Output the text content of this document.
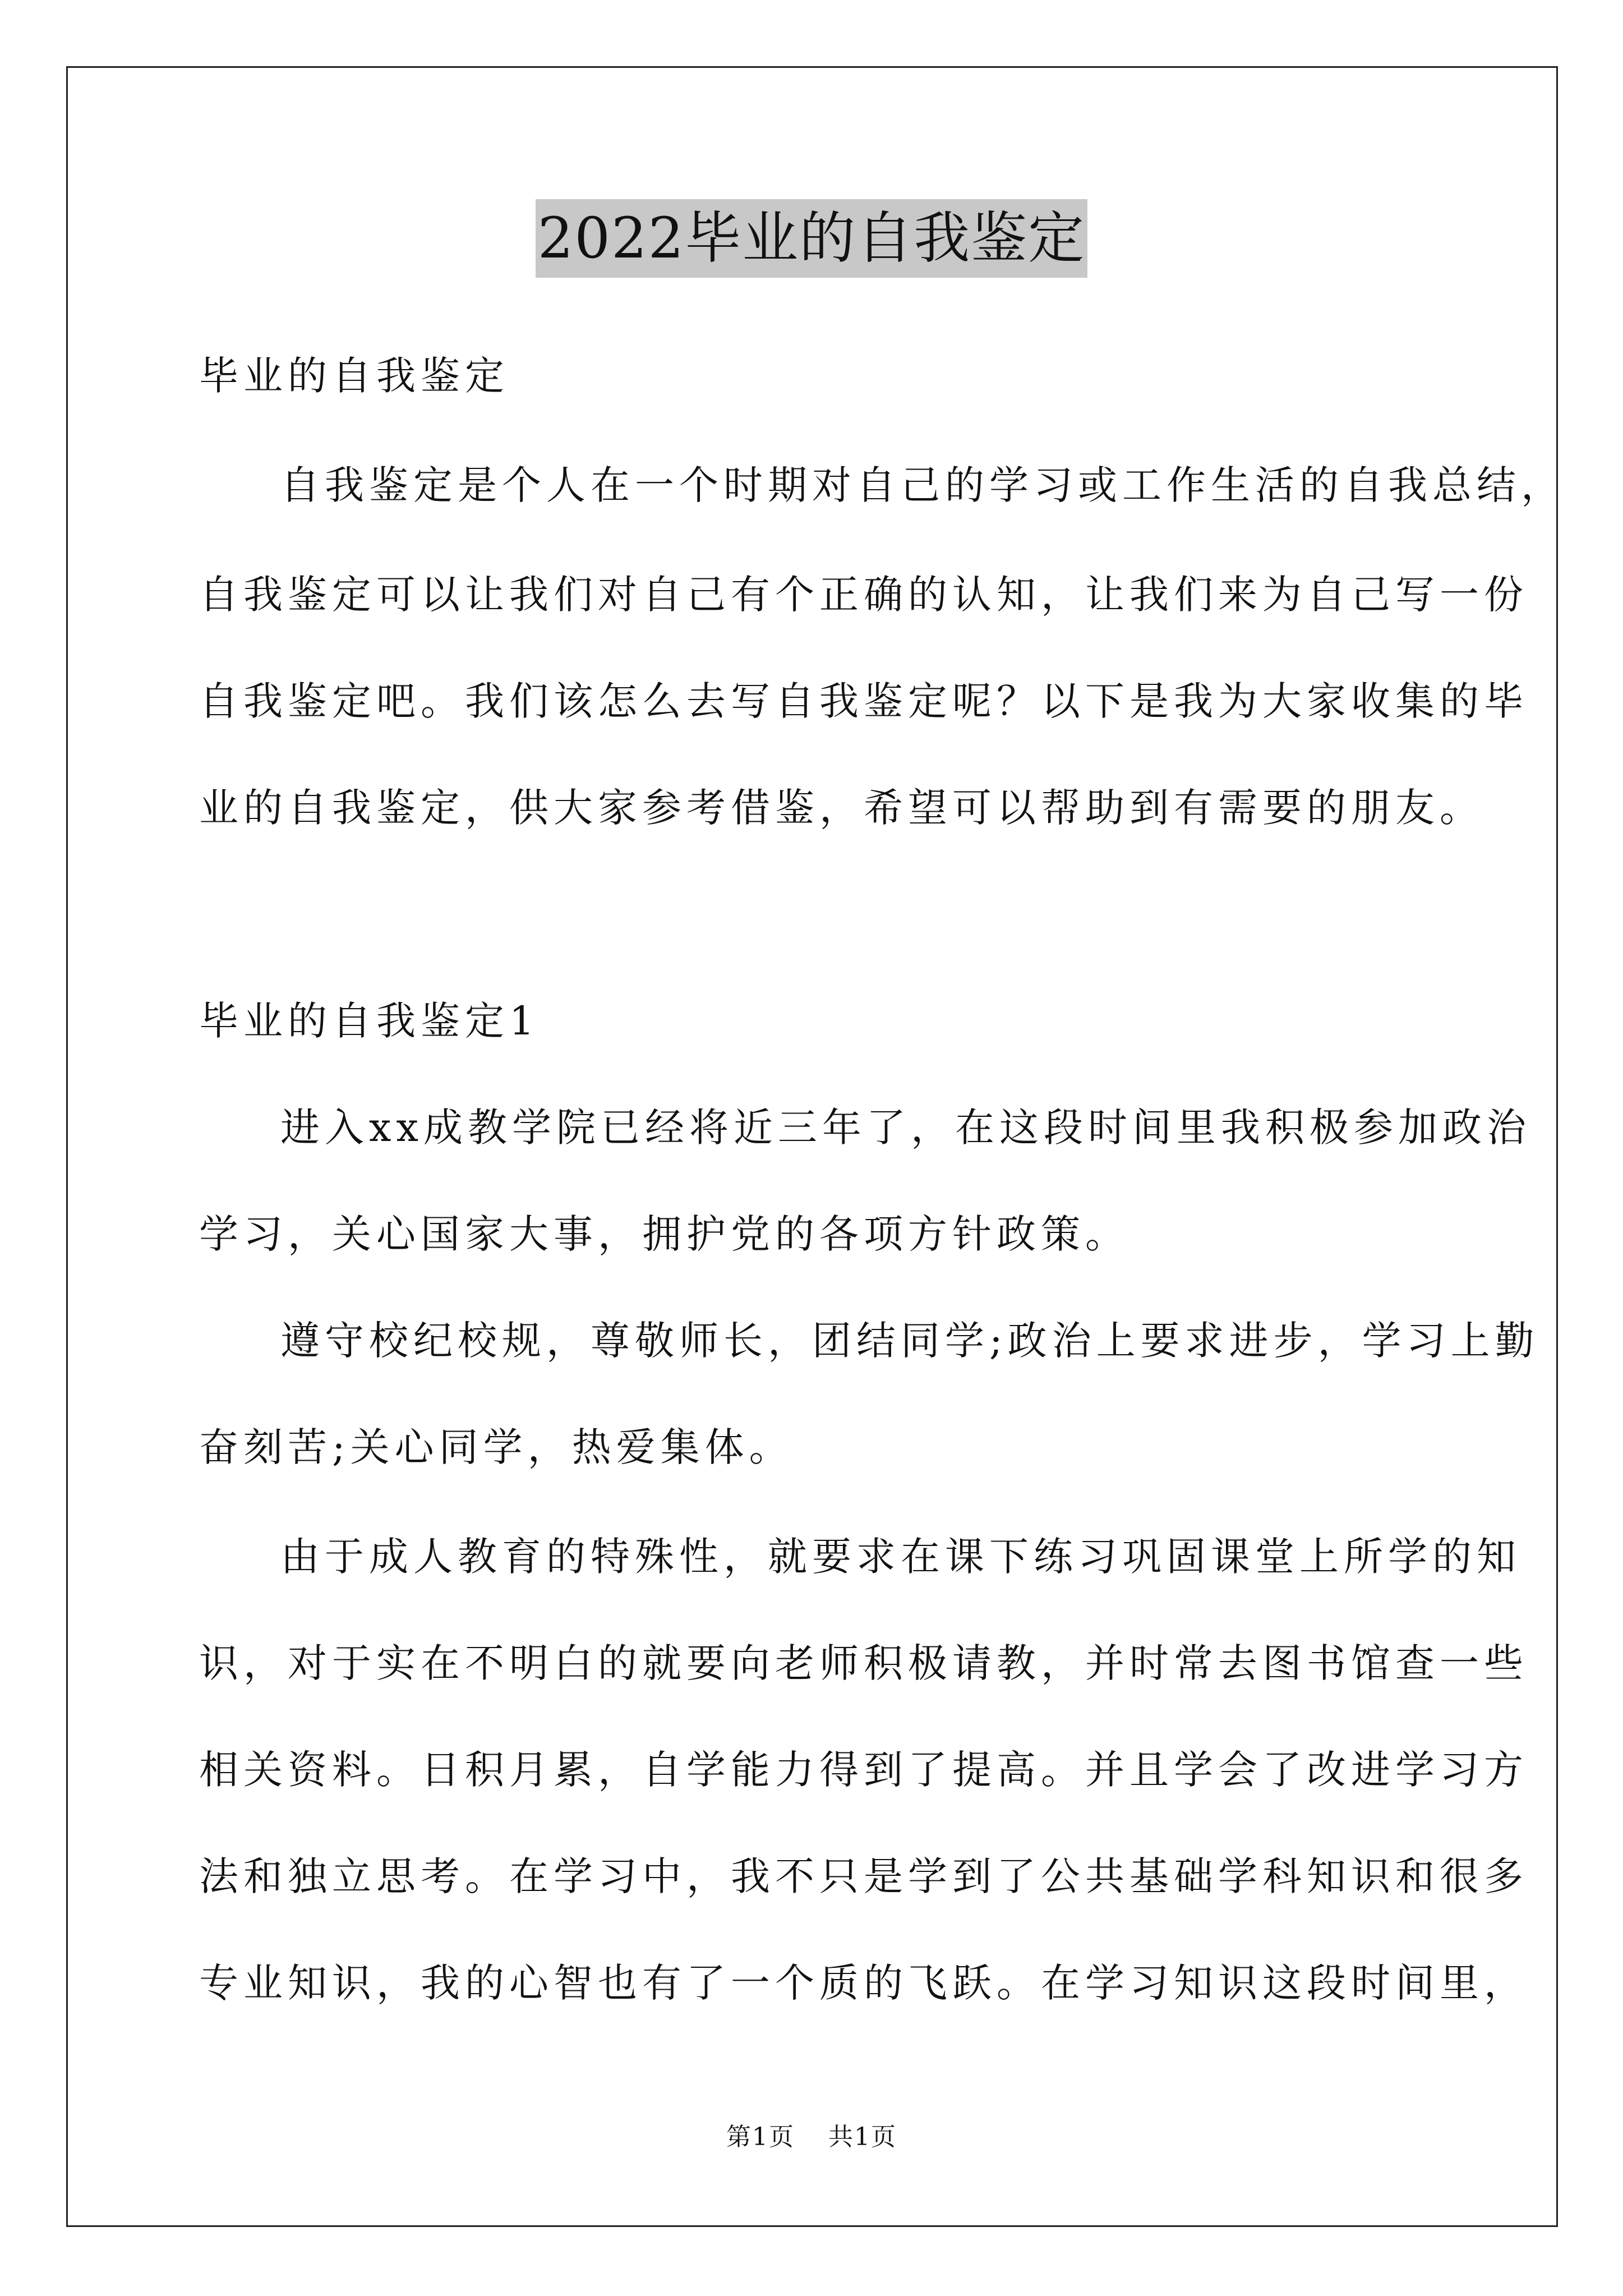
2022毕业的自我鉴定
毕业的自我鉴定
自我鉴定是个人在一个时期对自己的学习或工作生活的自我总结，
自我鉴定可以让我们对自己有个正确的认知，让我们来为自己写一份
自我鉴定吧。我们该怎么去写自我鉴定呢？以下是我为大家收集的毕
业的自我鉴定，供大家参考借鉴，希望可以帮助到有需要的朋友。
毕业的自我鉴定1
进入xx成教学院已经将近三年了，在这段时间里我积极参加政治
学习，关心国家大事，拥护党的各项方针政策。
遵守校纪校规，尊敬师长，团结同学;政治上要求进步，学习上勤
奋刻苦;关心同学，热爱集体。
由于成人教育的特殊性，就要求在课下练习巩固课堂上所学的知
识，对于实在不明白的就要向老师积极请教，并时常去图书馆查一些
相关资料。日积月累，自学能力得到了提高。并且学会了改进学习方
法和独立思考。在学习中，我不只是学到了公共基础学科知识和很多
专业知识，我的心智也有了一个质的飞跃。在学习知识这段时间里，
第1页 共1页
